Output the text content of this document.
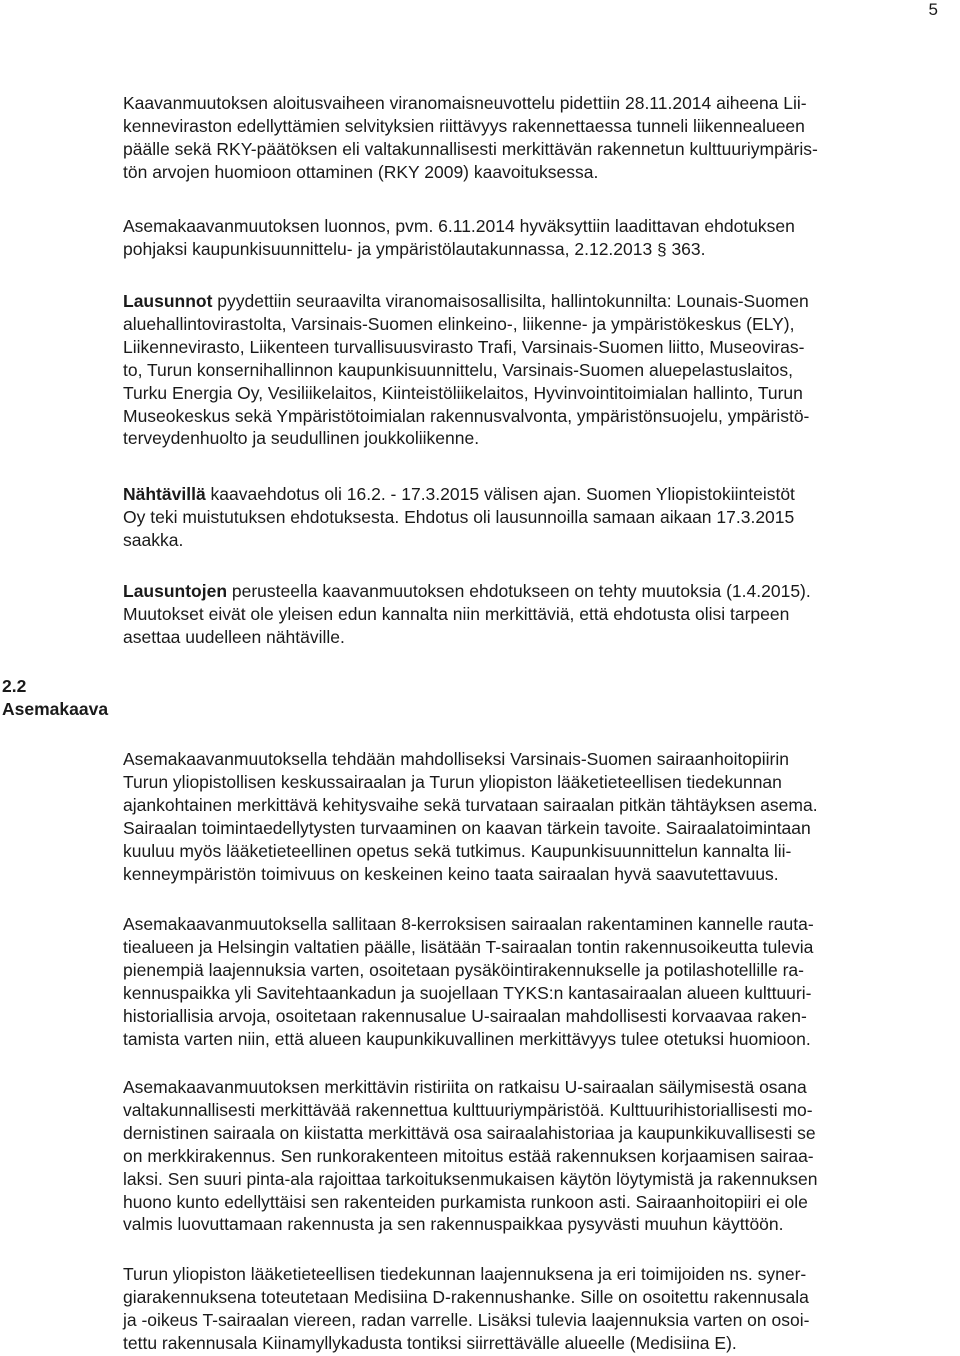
5
2.2
Asemakaava

Kaavanmuutoksen aloitusvaiheen viranomaisneuvottelu pidettiin 28.11.2014 aiheena Lii-
kenneviraston edellyttämien selvityksien riittävyys rakennettaessa tunneli liikennealueen
päälle sekä RKY-päätöksen eli valtakunnallisesti merkittävän rakennetun kulttuuriympäris-
tön arvojen huomioon ottaminen (RKY 2009) kaavoituksessa.

Asemakaavanmuutoksen luonnos, pvm. 6.11.2014 hyväksyttiin laadittavan ehdotuksen
pohjaksi kaupunkisuunnittelu- ja ympäristölautakunnassa, 2.12.2013 § 363.

Lausunnot pyydettiin seuraavilta viranomaisosallisilta, hallintokunnilta: Lounais-Suomen
aluehallintovirastolta, Varsinais-Suomen elinkeino-, liikenne- ja ympäristökeskus (ELY),
Liikennevirasto, Liikenteen turvallisuusvirasto Trafi, Varsinais-Suomen liitto, Museoviras-
to, Turun konsernihallinnon kaupunkisuunnittelu, Varsinais-Suomen aluepelastuslaitos,
Turku Energia Oy, Vesiliikelaitos, Kiinteistöliikelaitos, Hyvinvointitoimialan hallinto, Turun
Museokeskus sekä Ympäristötoimialan rakennusvalvonta, ympäristönsuojelu, ympäristö-
terveydenhuolto ja seudullinen joukkoliikenne.

Nähtävillä kaavaehdotus oli 16.2. - 17.3.2015 välisen ajan. Suomen Yliopistokiinteistöt
Oy teki muistutuksen ehdotuksesta. Ehdotus oli lausunnoilla samaan aikaan 17.3.2015
saakka.

Lausuntojen perusteella kaavanmuutoksen ehdotukseen on tehty muutoksia (1.4.2015).
Muutokset eivät ole yleisen edun kannalta niin merkittäviä, että ehdotusta olisi tarpeen
asettaa uudelleen nähtäville.

Asemakaavanmuutoksella tehdään mahdolliseksi Varsinais-Suomen sairaanhoitopiirin
Turun yliopistollisen keskussairaalan ja Turun yliopiston lääketieteellisen tiedekunnan
ajankohtainen merkittävä kehitysvaihe sekä turvataan sairaalan pitkän tähtäyksen asema.
Sairaalan toimintaedellytysten turvaaminen on kaavan tärkein tavoite. Sairaalatoimintaan
kuuluu myös lääketieteellinen opetus sekä tutkimus. Kaupunkisuunnittelun kannalta lii-
kenneympäristön toimivuus on keskeinen keino taata sairaalan hyvä saavutettavuus.

Asemakaavanmuutoksella sallitaan 8-kerroksisen sairaalan rakentaminen kannelle rauta-
tiealueen ja Helsingin valtatien päälle, lisätään T-sairaalan tontin rakennusoikeutta tulevia
pienempiä laajennuksia varten, osoitetaan pysäköintirakennukselle ja potilashotellille ra-
kennuspaikka yli Savitehtaankadun ja suojellaan TYKS:n kantasairaalan alueen kulttuuri-
historiallisia arvoja, osoitetaan rakennusalue U-sairaalan mahdollisesti korvaavaa raken-
tamista varten niin, että alueen kaupunkikuvallinen merkittävyys tulee otetuksi huomioon.

Asemakaavanmuutoksen merkittävin ristiriita on ratkaisu U-sairaalan säilymisestä osana
valtakunnallisesti merkittävää rakennettua kulttuuriympäristöä. Kulttuurihistoriallisesti mo-
dernistinen sairaala on kiistatta merkittävä osa sairaalahistoriaa ja kaupunkikuvallisesti se
on merkkirakennus. Sen runkorakenteen mitoitus estää rakennuksen korjaamisen sairaa-
laksi. Sen suuri pinta-ala rajoittaa tarkoituksenmukaisen käytön löytymistä ja rakennuksen
huono kunto edellyttäisi sen rakenteiden purkamista runkoon asti. Sairaanhoitopiiri ei ole
valmis luovuttamaan rakennusta ja sen rakennuspaikkaa pysyvästi muuhun käyttöön.

Turun yliopiston lääketieteellisen tiedekunnan laajennuksena ja eri toimijoiden ns. syner-
giarakennuksena toteutetaan Medisiina D-rakennushanke. Sille on osoitettu rakennusala
ja -oikeus T-sairaalan viereen, radan varrelle. Lisäksi tulevia laajennuksia varten on osoi-
tettu rakennusala Kiinamyllykadusta tontiksi siirrettävälle alueelle (Medisiina E).
